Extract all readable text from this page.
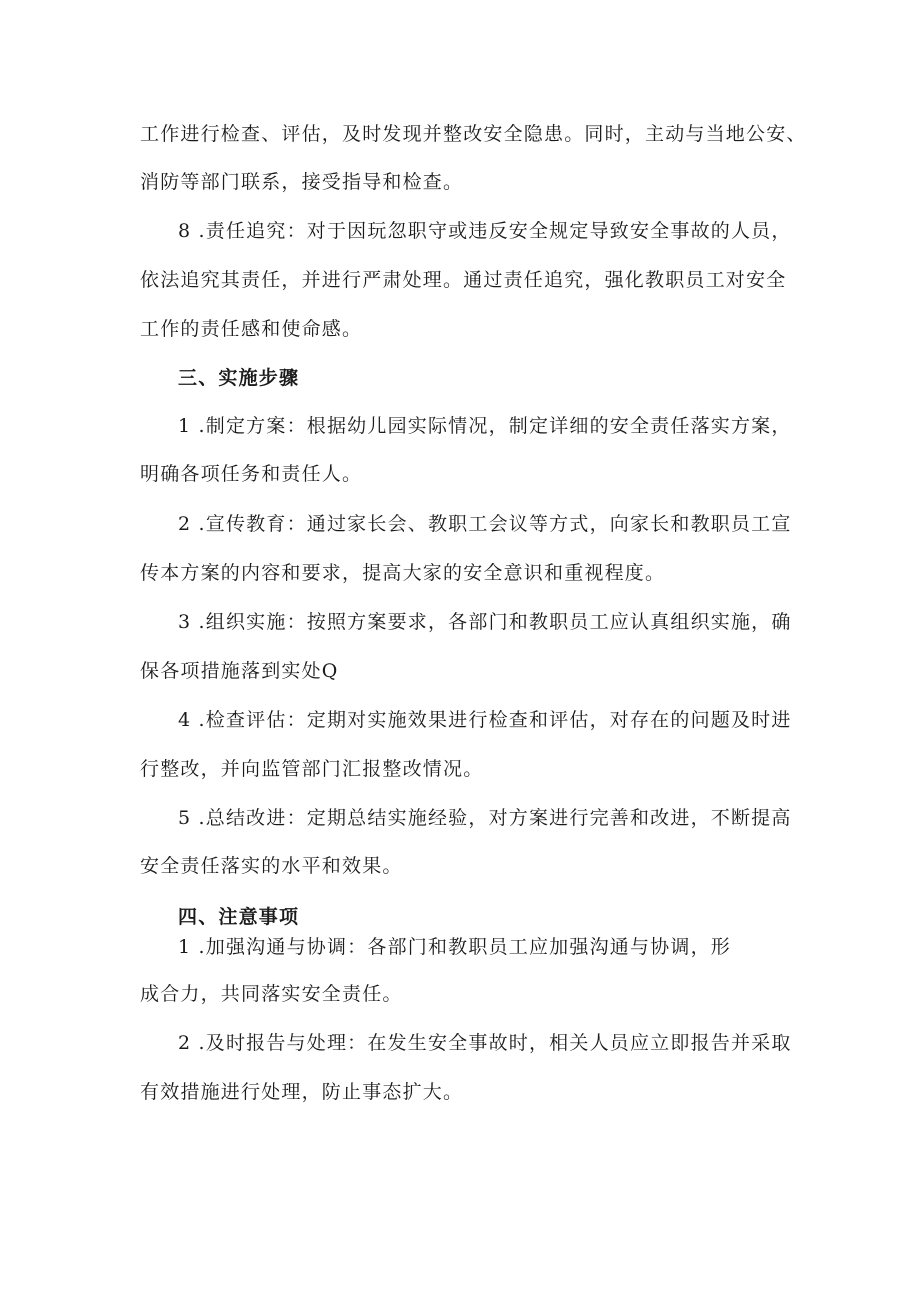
工作进行检查、评估，及时发现并整改安全隐患。同时，主动与当地公安、
消防等部门联系，接受指导和检查。
8 .责任追究：对于因玩忽职守或违反安全规定导致安全事故的人员，
依法追究其责任，并进行严肃处理。通过责任追究，强化教职员工对安全
工作的责任感和使命感。
三、实施步骤
1 .制定方案：根据幼儿园实际情况，制定详细的安全责任落实方案，
明确各项任务和责任人。
2 .宣传教育：通过家长会、教职工会议等方式，向家长和教职员工宣
传本方案的内容和要求，提高大家的安全意识和重视程度。
3 .组织实施：按照方案要求，各部门和教职员工应认真组织实施，确
保各项措施落到实处Q
4 .检查评估：定期对实施效果进行检查和评估，对存在的问题及时进
行整改，并向监管部门汇报整改情况。
5 .总结改进：定期总结实施经验，对方案进行完善和改进，不断提高
安全责任落实的水平和效果。
四、注意事项
1 .加强沟通与协调：各部门和教职员工应加强沟通与协调，形
成合力，共同落实安全责任。
2 .及时报告与处理：在发生安全事故时，相关人员应立即报告并采取
有效措施进行处理，防止事态扩大。
